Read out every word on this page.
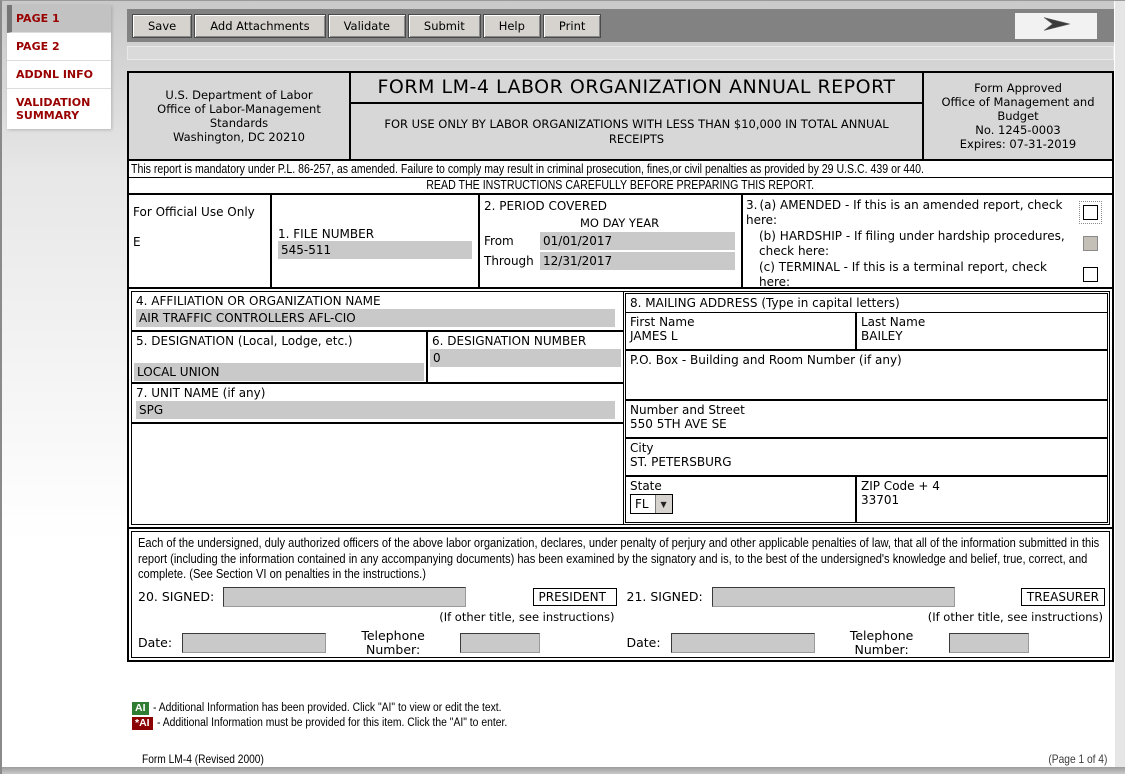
PAGE 1
PAGE 2
ADDNL INFO
VALIDATION SUMMARY
Save	Add Attachments	Validate	Submit	Help	Print
U.S. Department of Labor
Office of Labor-Management
Standards
Washington, DC 20210
FORM LM-4 LABOR ORGANIZATION ANNUAL REPORT
FOR USE ONLY BY LABOR ORGANIZATIONS WITH LESS THAN $10,000 IN TOTAL ANNUAL RECEIPTS
Form Approved
Office of Management and
Budget
No. 1245-0003
Expires: 07-31-2019
This report is mandatory under P.L. 86-257, as amended. Failure to comply may result in criminal prosecution, fines,or civil penalties as provided by 29 U.S.C. 439 or 440.
READ THE INSTRUCTIONS CAREFULLY BEFORE PREPARING THIS REPORT.
For Official Use Only
E
1. FILE NUMBER
545-511
2. PERIOD COVERED
MO DAY YEAR
From	01/01/2017
Through 12/31/2017
3. (a) AMENDED - If this is an amended report, check here:
(b) HARDSHIP - If filing under hardship procedures, check here:
(c) TERMINAL - If this is a terminal report, check here:
4. AFFILIATION OR ORGANIZATION NAME
AIR TRAFFIC CONTROLLERS AFL-CIO
5. DESIGNATION (Local, Lodge, etc.)
LOCAL UNION
6. DESIGNATION NUMBER
0
7. UNIT NAME (if any)
SPG
8. MAILING ADDRESS (Type in capital letters)
First Name
JAMES L
Last Name
BAILEY
P.O. Box - Building and Room Number (if any)
Number and Street
550 5TH AVE SE
City
ST. PETERSBURG
State
FL	▼
ZIP Code + 4
33701
Each of the undersigned, duly authorized officers of the above labor organization, declares, under penalty of perjury and other applicable penalties of law, that all of the information submitted in this report (including the information contained in any accompanying documents) has been examined by the signatory and is, to the best of the undersigned's knowledge and belief, true, correct, and complete. (See Section VI on penalties in the instructions.)
20. SIGNED:	PRESIDENT
(If other title, see instructions)
Date:	Telephone Number:
21. SIGNED:	TREASURER
(If other title, see instructions)
Date:	Telephone Number:
AI - Additional Information has been provided. Click "AI" to view or edit the text.
*AI - Additional Information must be provided for this item. Click the "AI" to enter.
Form LM-4 (Revised 2000)	(Page 1 of 4)
